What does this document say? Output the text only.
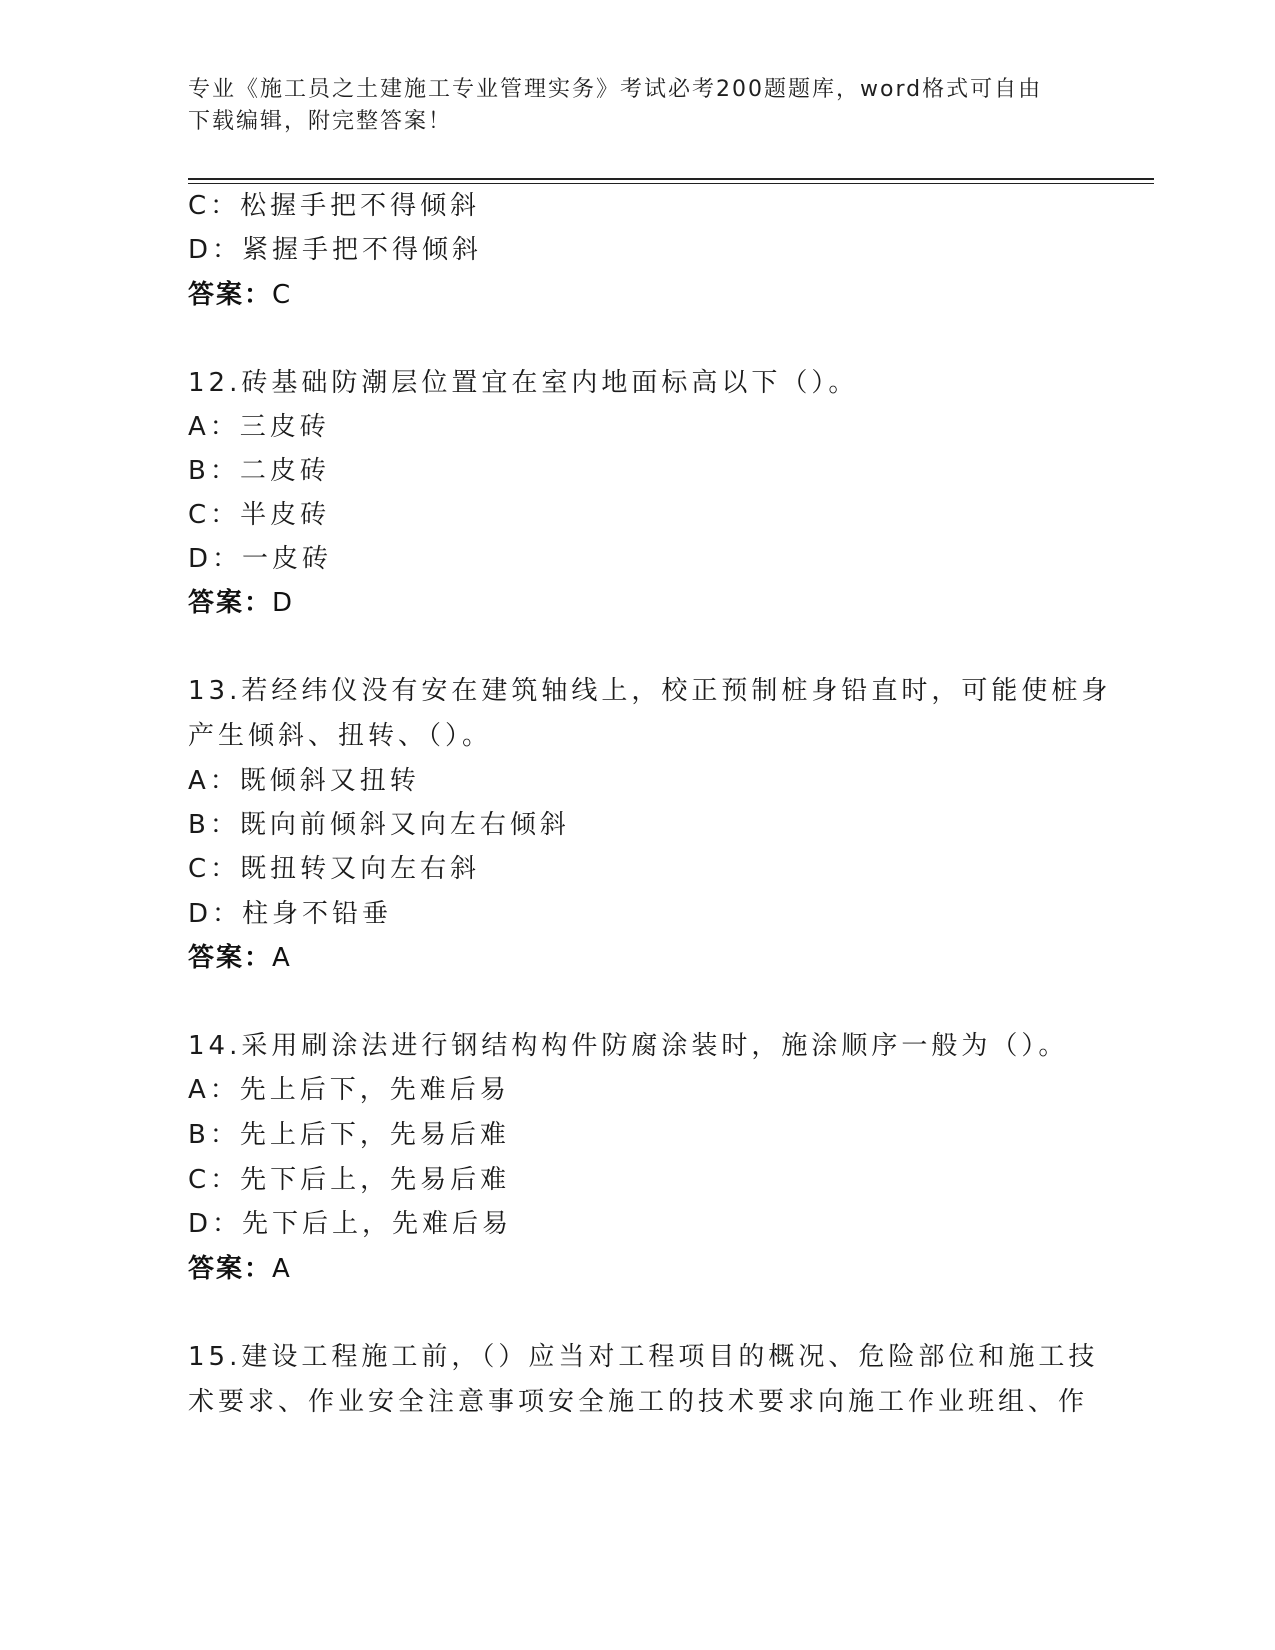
专业《施工员之土建施工专业管理实务》考试必考200题题库，word格式可自由
下载编辑，附完整答案！
C：松握手把不得倾斜
D：紧握手把不得倾斜
答案：C
12.砖基础防潮层位置宜在室内地面标高以下（）。
A：三皮砖
B：二皮砖
C：半皮砖
D：一皮砖
答案：D
13.若经纬仪没有安在建筑轴线上，校正预制桩身铅直时，可能使桩身
产生倾斜、扭转、（）。
A：既倾斜又扭转
B：既向前倾斜又向左右倾斜
C：既扭转又向左右斜
D：柱身不铅垂
答案：A
14.采用刷涂法进行钢结构构件防腐涂装时，施涂顺序一般为（）。
A：先上后下，先难后易
B：先上后下，先易后难
C：先下后上，先易后难
D：先下后上，先难后易
答案：A
15.建设工程施工前，（）应当对工程项目的概况、危险部位和施工技
术要求、作业安全注意事项安全施工的技术要求向施工作业班组、作
